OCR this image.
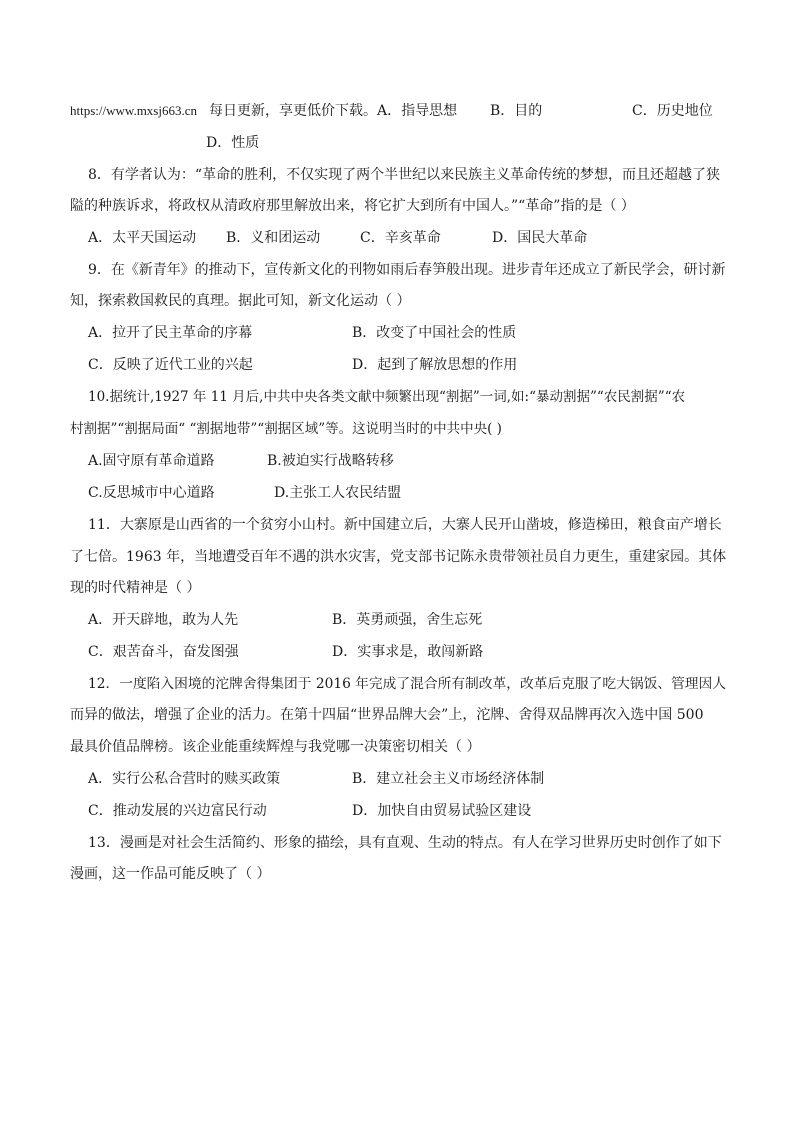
https://www.mxsj663.cn 每日更新，享更低价下载。A．指导思想 B．目的	C．历史地位
D．性质
8．有学者认为：“革命的胜利，不仅实现了两个半世纪以来民族主义革命传统的梦想，而且还超越了狭
隘的种族诉求，将政权从清政府那里解放出来，将它扩大到所有中国人。”“革命”指的是（ ）
A．太平天国运动 B．义和团运动	C．辛亥革命	D．国民大革命
9．在《新青年》的推动下，宣传新文化的刊物如雨后春笋般出现。进步青年还成立了新民学会，研讨新
知，探索救国救民的真理。据此可知，新文化运动（ ）
A．拉开了民主革命的序幕	B．改变了中国社会的性质
C．反映了近代工业的兴起	D．起到了解放思想的作用
10.据统计,1927 年 11 月后,中共中央各类文献中频繁出现“割据”一词,如:“暴动割据”“农民割据”“农
村割据”“割据局面“ “割据地带”“割据区域”等。这说明当时的中共中央( )
A.固守原有革命道路	B.被迫实行战略转移
C.反思城市中心道路	D.主张工人农民结盟
11．大寨原是山西省的一个贫穷小山村。新中国建立后，大寨人民开山凿坡，修造梯田，粮食亩产增长
了七倍。1963 年，当地遭受百年不遇的洪水灾害，党支部书记陈永贵带领社员自力更生，重建家园。其体
现的时代精神是（ ）
A．开天辟地，敢为人先	B．英勇顽强，舍生忘死
C．艰苦奋斗，奋发图强	D．实事求是，敢闯新路
12．一度陷入困境的沱牌舍得集团于 2016 年完成了混合所有制改革，改革后克服了吃大锅饭、管理因人
而异的做法，增强了企业的活力。在第十四届“世界品牌大会”上，沱牌、舍得双品牌再次入选中国 500
最具价值品牌榜。该企业能重续辉煌与我党哪一决策密切相关（ ）
A．实行公私合营时的赎买政策	B．建立社会主义市场经济体制
C．推动发展的兴边富民行动	D．加快自由贸易试验区建设
13．漫画是对社会生活简约、形象的描绘，具有直观、生动的特点。有人在学习世界历史时创作了如下
漫画，这一作品可能反映了（ ）
